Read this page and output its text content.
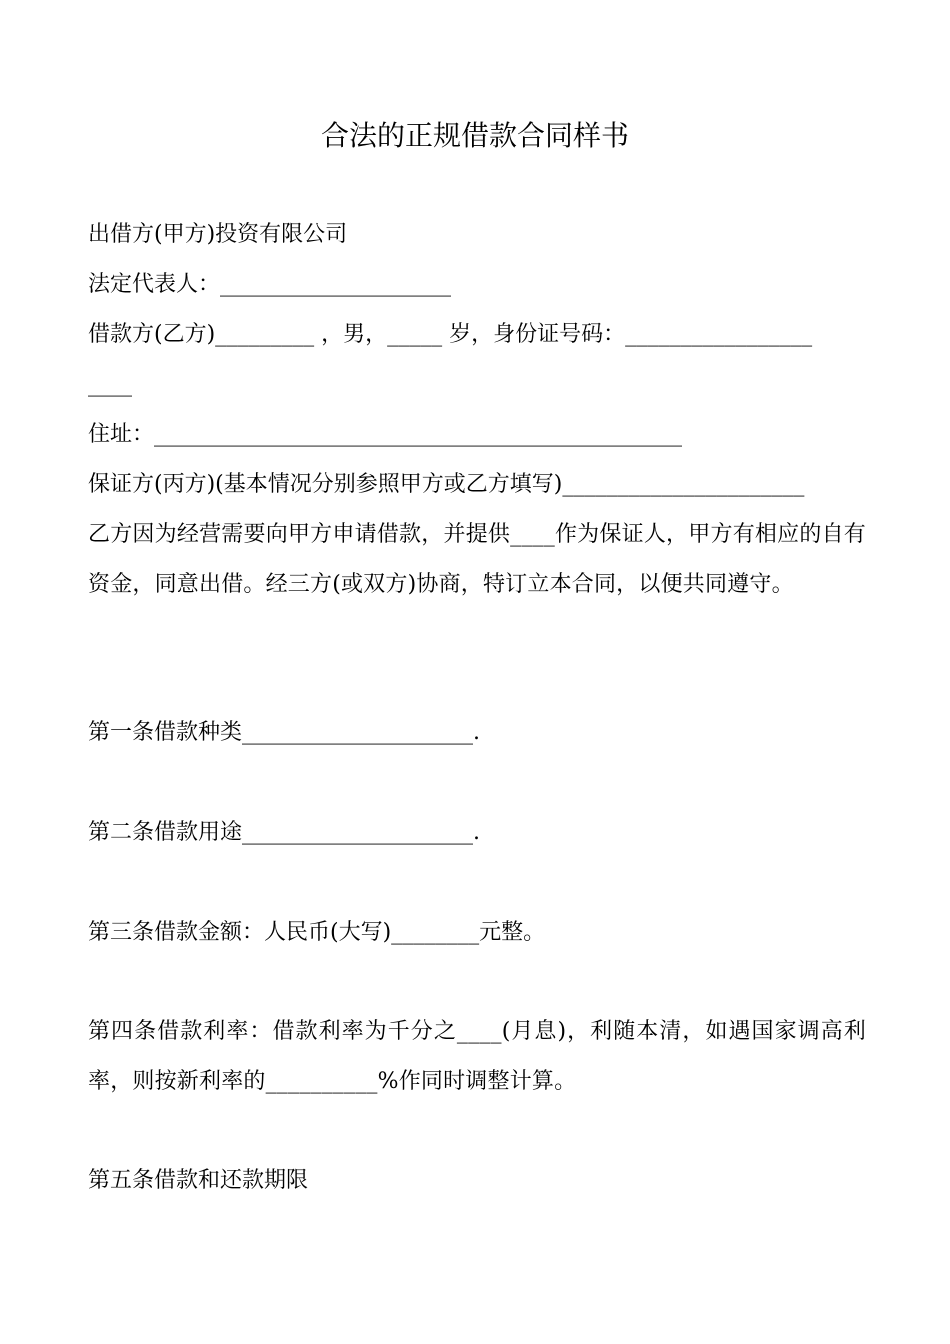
合法的正规借款合同样书

出借方(甲方)投资有限公司

法定代表人：_____________________

借款方(乙方)_________ ，男，_____ 岁，身份证号码：_________________

____

住址：________________________________________________

保证方(丙方)(基本情况分别参照甲方或乙方填写)______________________

乙方因为经营需要向甲方申请借款，并提供____作为保证人，甲方有相应的自有资金，同意出借。经三方(或双方)协商，特订立本合同，以便共同遵守。

第一条借款种类_____________________.

第二条借款用途_____________________.

第三条借款金额：人民币(大写)________元整。

第四条借款利率：借款利率为千分之____(月息)，利随本清，如遇国家调高利率，则按新利率的__________%作同时调整计算。

第五条借款和还款期限
